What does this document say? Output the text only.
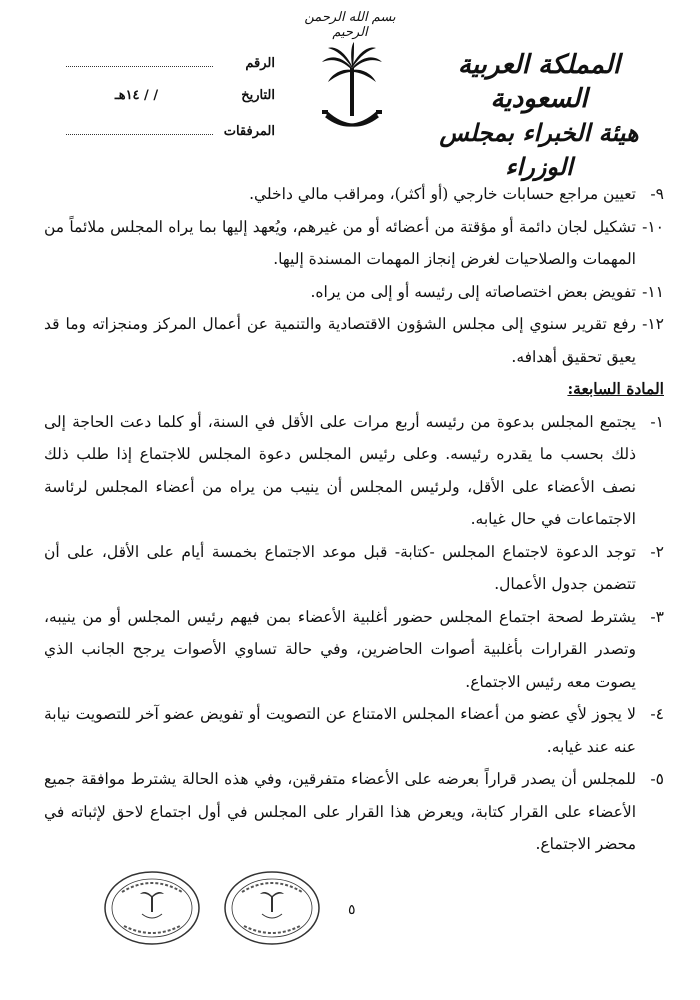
بسم الله الرحمن الرحيم
المملكة العربية السعودية
هيئة الخبراء بمجلس الوزراء
الرقم
التاريخ
/ / ١٤هـ
المرفقات
٩-
تعيين مراجع حسابات خارجي (أو أكثر)، ومراقب مالي داخلي.
١٠-
تشكيل لجان دائمة أو مؤقتة من أعضائه أو من غيرهم، ويُعهد إليها بما يراه المجلس ملائماً من المهمات والصلاحيات لغرض إنجاز المهمات المسندة إليها.
١١-
تفويض بعض اختصاصاته إلى رئيسه أو إلى من يراه.
١٢-
رفع تقرير سنوي إلى مجلس الشؤون الاقتصادية والتنمية عن أعمال المركز ومنجزاته وما قد يعيق تحقيق أهدافه.
المادة السابعة:
١-
يجتمع المجلس بدعوة من رئيسه أربع مرات على الأقل في السنة، أو كلما دعت الحاجة إلى ذلك بحسب ما يقدره رئيسه. وعلى رئيس المجلس دعوة المجلس للاجتماع إذا طلب ذلك نصف الأعضاء على الأقل، ولرئيس المجلس أن ينيب من يراه من أعضاء المجلس لرئاسة الاجتماعات في حال غيابه.
٢-
توجد الدعوة لاجتماع المجلس -كتابة- قبل موعد الاجتماع بخمسة أيام على الأقل، على أن تتضمن جدول الأعمال.
٣-
يشترط لصحة اجتماع المجلس حضور أغلبية الأعضاء بمن فيهم رئيس المجلس أو من ينيبه، وتصدر القرارات بأغلبية أصوات الحاضرين، وفي حالة تساوي الأصوات يرجح الجانب الذي يصوت معه رئيس الاجتماع.
٤-
لا يجوز لأي عضو من أعضاء المجلس الامتناع عن التصويت أو تفويض عضو آخر للتصويت نيابة عنه عند غيابه.
٥-
للمجلس أن يصدر قراراً بعرضه على الأعضاء متفرقين، وفي هذه الحالة يشترط موافقة جميع الأعضاء على القرار كتابة، ويعرض هذا القرار على المجلس في أول اجتماع لاحق لإثباته في محضر الاجتماع.
٥
